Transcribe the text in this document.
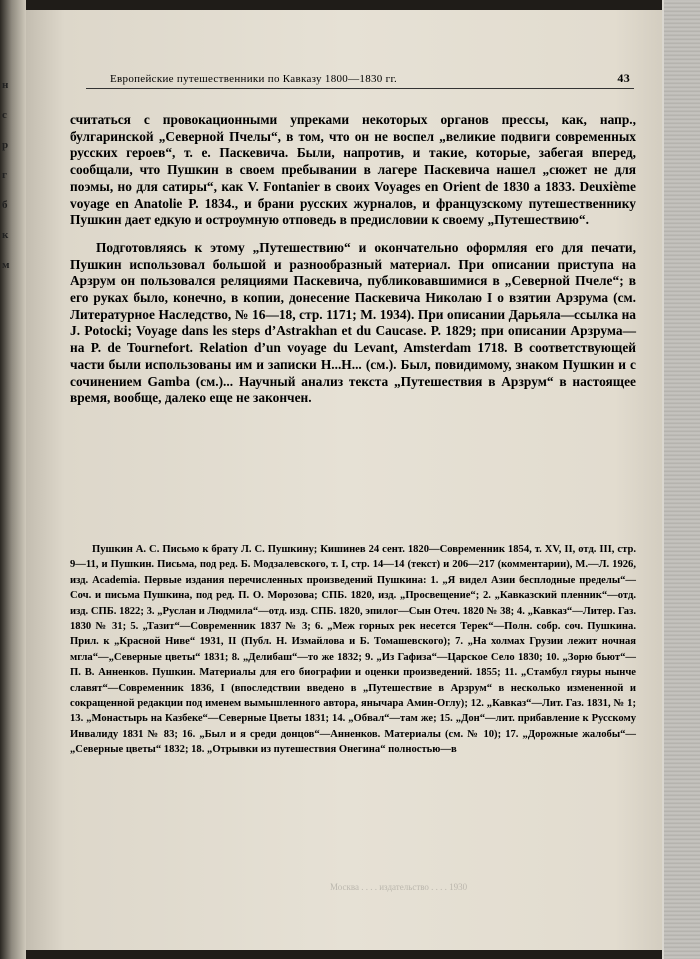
н
с
р
г
б
к
м
Европейские путешественники по Кавказу 1800—1830 гг.	43

считаться с провокационными упреками некоторых органов прессы, как, напр., булгаринской „Северной Пчелы“, в том, что он не воспел „великие подвиги современных русских героев“, т. е. Паскевича. Были, напротив, и такие, которые, забегая вперед, сообщали, что Пушкин в своем пребывании в лагере Паскевича нашел „сюжет не для поэмы, но для сатиры“, как V. Fontanier в своих Voyages en Orient de 1830 a 1833. Deuxième voyage en Anatolie P. 1834., и брани русских журналов, и французскому путешественнику Пушкин дает едкую и остроумную отповедь в предисловии к своему „Путешествию“.

Подготовляясь к этому „Путешествию“ и окончательно оформляя его для печати, Пушкин использовал большой и разнообразный материал. При описании приступа на Арзрум он пользовался реляциями Паскевича, публиковавшимися в „Северной Пчеле“; в его руках было, конечно, в копии, донесение Паскевича Николаю I о взятии Арзрума (см. Литературное Наследство, № 16—18, стр. 1171; М. 1934). При описании Дарьяла—ссылка на J. Potocki; Voyage dans les steps d’Astrakhan et du Caucase. P. 1829; при описании Арзрума—на P. de Tournefort. Relation d’un voyage du Levant, Amsterdam 1718. В соответствующей части были использованы им и записки Н...Н... (см.). Был, повидимому, знаком Пушкин и с сочинением Gamba (см.)... Научный анализ текста „Путешествия в Арзрум“ в настоящее время, вообще, далеко еще не закончен.

Пушкин А. С. Письмо к брату Л. С. Пушкину; Кишинев 24 сент. 1820—Современник 1854, т. XV, II, отд. III, стр. 9—11, и Пушкин. Письма, под ред. Б. Модзалевского, т. I, стр. 14—14 (текст) и 206—217 (комментарии), М.—Л. 1926, изд. Academia. Первые издания перечисленных произведений Пушкина: 1. „Я видел Азии бесплодные пределы“—Соч. и письма Пушкина, под ред. П. О. Морозова; СПБ. 1820, изд. „Просвещение“; 2. „Кавказский пленник“—отд. изд. СПБ. 1822; 3. „Руслан и Людмила“—отд. изд. СПБ. 1820, эпилог—Сын Отеч. 1820 № 38; 4. „Кавказ“—Литер. Газ. 1830 № 31; 5. „Тазит“—Современник 1837 № 3; 6. „Меж горных рек несется Терек“—Полн. собр. соч. Пушкина. Прил. к „Красной Ниве“ 1931, II (Публ. Н. Измайлова и Б. Томашевского); 7. „На холмах Грузии лежит ночная мгла“—„Северные цветы“ 1831; 8. „Делибаш“—то же 1832; 9. „Из Гафиза“—Царское Село 1830; 10. „Зорю бьют“—П. В. Анненков. Пушкин. Материалы для его биографии и оценки произведений. 1855; 11. „Стамбул гяуры нынче славят“—Современник 1836, I (впоследствии введено в „Путешествие в Арзрум“ в несколько измененной и сокращенной редакции под именем вымышленного автора, янычара Амин-Оглу); 12. „Кавказ“—Лит. Газ. 1831, № 1; 13. „Монастырь на Казбеке“—Северные Цветы 1831; 14. „Обвал“—там же; 15. „Дон“—лит. прибавление к Русскому Инвалиду 1831 № 83; 16. „Был и я среди донцов“—Анненков. Материалы (см. № 10); 17. „Дорожные жалобы“—„Северные цветы“ 1832; 18. „Отрывки из путешествия Онегина“ полностью—в

Москва . . . . издательство . . . . 1930
